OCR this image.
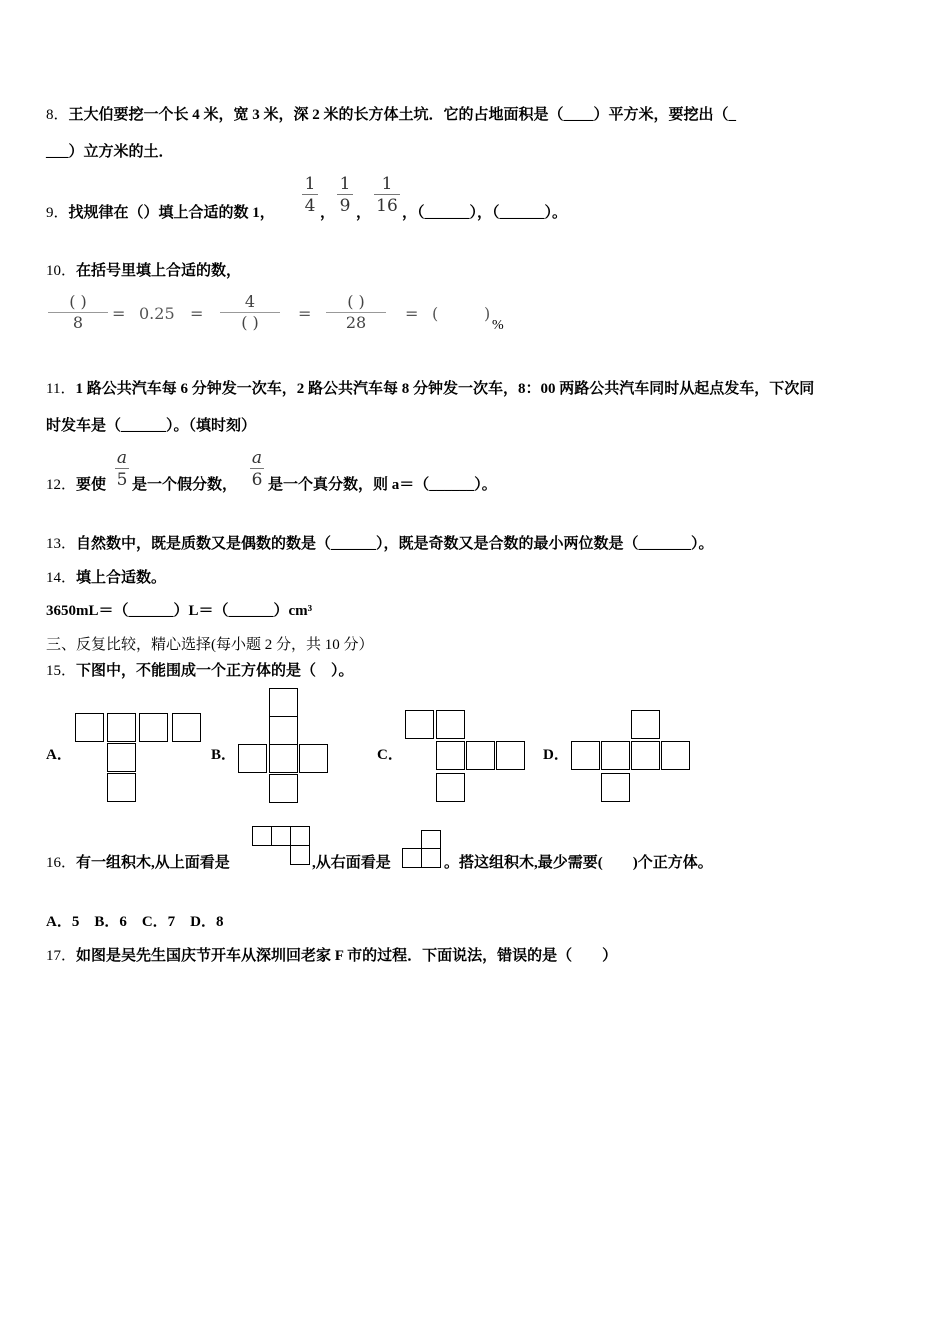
8．王大伯要挖一个长 4 米，宽 3 米，深 2 米的长方体土坑．它的占地面积是（____）平方米，要挖出（_
___）立方米的土．
9．找规律在（）填上合适的数 1， $\frac{1}{4}$ ， $\frac{1}{9}$ ， $\frac{1}{16}$ ，（______），（______）。
10．在括号里填上合适的数，
( )
8	= 0.25 =
4
( )	=
( )
28	= (	)
%
11．1 路公共汽车每 6 分钟发一次车，2 路公共汽车每 8 分钟发一次车，8：00 两路公共汽车同时从起点发车，下次同
时发车是（______）。（填时刻）
12．要使 $\frac{a}{5}$ 是一个假分数， $\frac{a}{6}$ 是一个真分数，则 a＝（______）。
13．自然数中，既是质数又是偶数的数是（______），既是奇数又是合数的最小两位数是（_______）。
14．填上合适数。
3650mL＝（______）L＝（______）cm³
三、反复比较，精心选择(每小题 2 分，共 10 分）
15．下图中，不能围成一个正方体的是（　）。
A．	B．	C．	D．
16．有一组积木,从上面看是	,从右面看是	。搭这组积木,最少需要(　　)个正方体。
A．5　B．6　C．7　D．8
17．如图是吴先生国庆节开车从深圳回老家 F 市的过程．下面说法，错误的是（　　）
